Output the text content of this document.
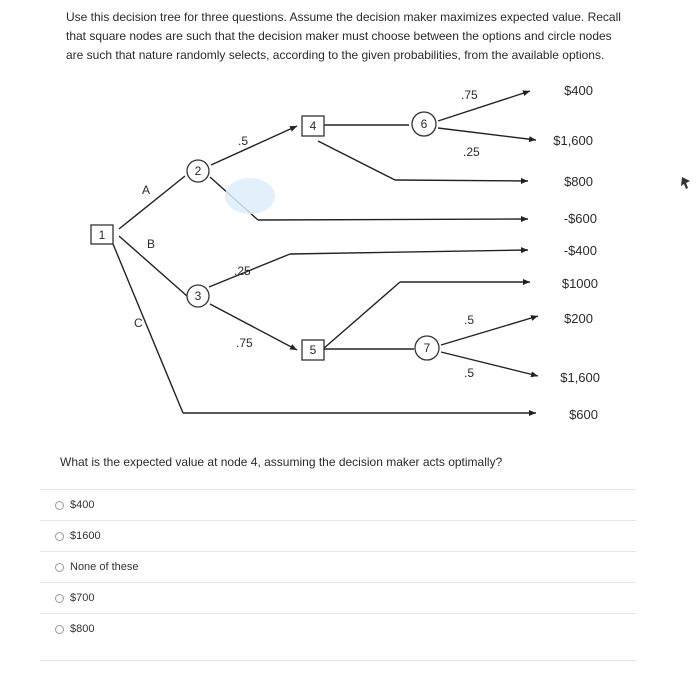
Use this decision tree for three questions. Assume the decision maker maximizes expected value. Recall that square nodes are such that the decision maker must choose between the options and circle nodes are such that nature randomly selects, according to the given probabilities, from the available options.
1
2
3
4
5
6
7
A
B
C
.5
.25
.75
.75
.25
.5
.5
$400
$1,600
$800
-$600
-$400
$1000
$200
$1,600
$600
What is the expected value at node 4, assuming the decision maker acts optimally?
$400
$1600
None of these
$700
$800
